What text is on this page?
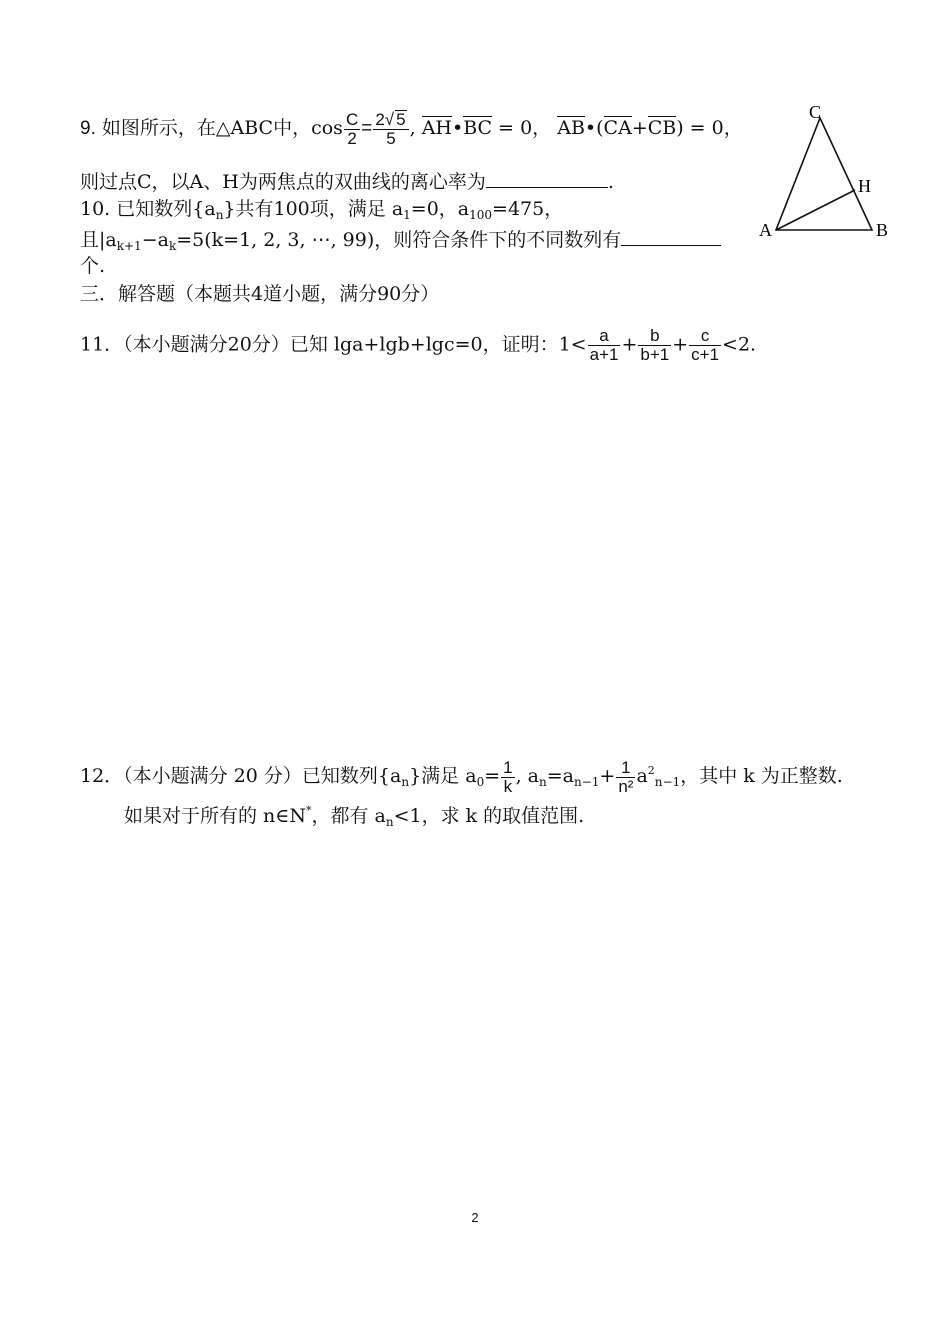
9. 如图所示，在△ABC中，$\cos \frac{C}{2} = \frac{2√ 5}{5}$ , AH•BC = 0， AB•(CA+CB) = 0，
则过点C，以A、H为两焦点的双曲线的离心率为	.
10. 已知数列$\{a_n\}$共有100项，满足 $a_1=0$，$a_{100}=475$，
且$|a_{k+1}-a_k=5(k=1$, 2, 3, ⋯, 99)，则符合条件下的不同数列有
个.
三．解答题（本题共4道小题，满分90分）
11．（本小题满分20分）已知 lga+lgb+lgc=0，证明：$1< \frac{a}{a+1} + \frac{b}{b+1} + \frac{c}{c+1} <2$.
12．（本小题满分 20 分）已知数列$\{a_n\}$满足 $a_0= \frac{1}{k}$ , $a_n=a_{n-1}+ \frac{1}{\text{n²}} a^2_{n-1}$，其中 k 为正整数.
如果对于所有的 n∈N*，都有 $a_n<1$，求 k 的取值范围.
C
H
A	B
2
